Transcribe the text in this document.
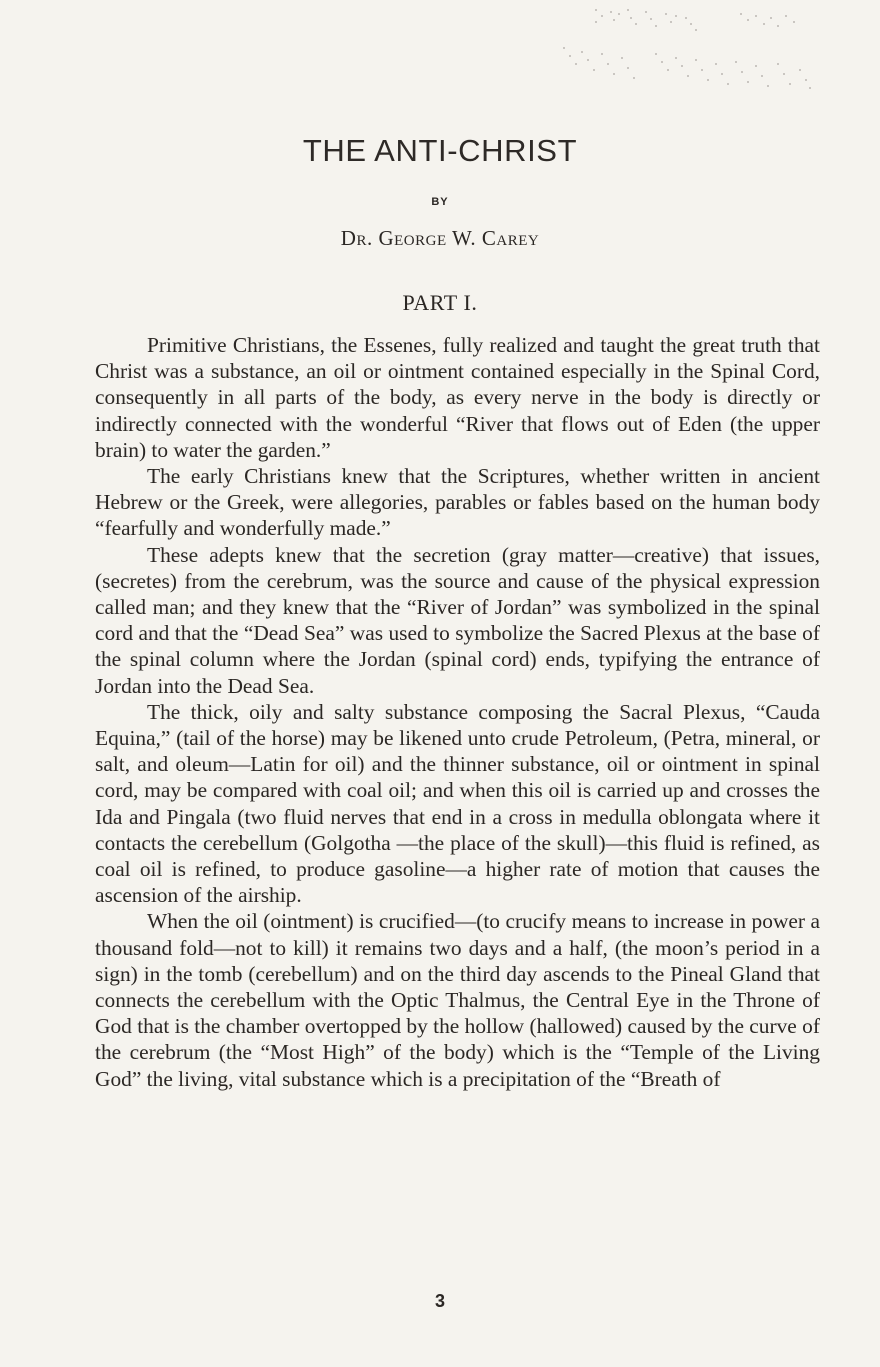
THE ANTI-CHRIST
BY
Dr. George W. Carey
PART I.

Primitive Christians, the Essenes, fully realized and taught the great truth that Christ was a substance, an oil or ointment contained especially in the Spinal Cord, consequently in all parts of the body, as every nerve in the body is directly or indirectly connected with the wonderful “River that flows out of Eden (the upper brain) to water the garden.”

The early Christians knew that the Scriptures, whether written in ancient Hebrew or the Greek, were allegories, parables or fables based on the human body “fearfully and wonderfully made.”

These adepts knew that the secretion (gray matter—creative) that issues, (secretes) from the cerebrum, was the source and cause of the physical expression called man; and they knew that the “River of Jordan” was symbolized in the spinal cord and that the “Dead Sea” was used to symbolize the Sacred Plexus at the base of the spinal column where the Jordan (spinal cord) ends, typifying the entrance of Jordan into the Dead Sea.

The thick, oily and salty substance composing the Sacral Plexus, “Cauda Equina,” (tail of the horse) may be likened unto crude Petroleum, (Petra, mineral, or salt, and oleum—Latin for oil) and the thinner substance, oil or ointment in spinal cord, may be compared with coal oil; and when this oil is carried up and crosses the Ida and Pingala (two fluid nerves that end in a cross in medulla oblongata where it contacts the cerebellum (Golgotha —the place of the skull)—this fluid is refined, as coal oil is refined, to produce gasoline—a higher rate of motion that causes the ascension of the airship.

When the oil (ointment) is crucified—(to crucify means to increase in power a thousand fold—not to kill) it remains two days and a half, (the moon’s period in a sign) in the tomb (cerebellum) and on the third day ascends to the Pineal Gland that connects the cerebellum with the Optic Thalmus, the Central Eye in the Throne of God that is the chamber overtopped by the hollow (hallowed) caused by the curve of the cerebrum (the “Most High” of the body) which is the “Temple of the Living God” the living, vital substance which is a precipitation of the “Breath of

3
